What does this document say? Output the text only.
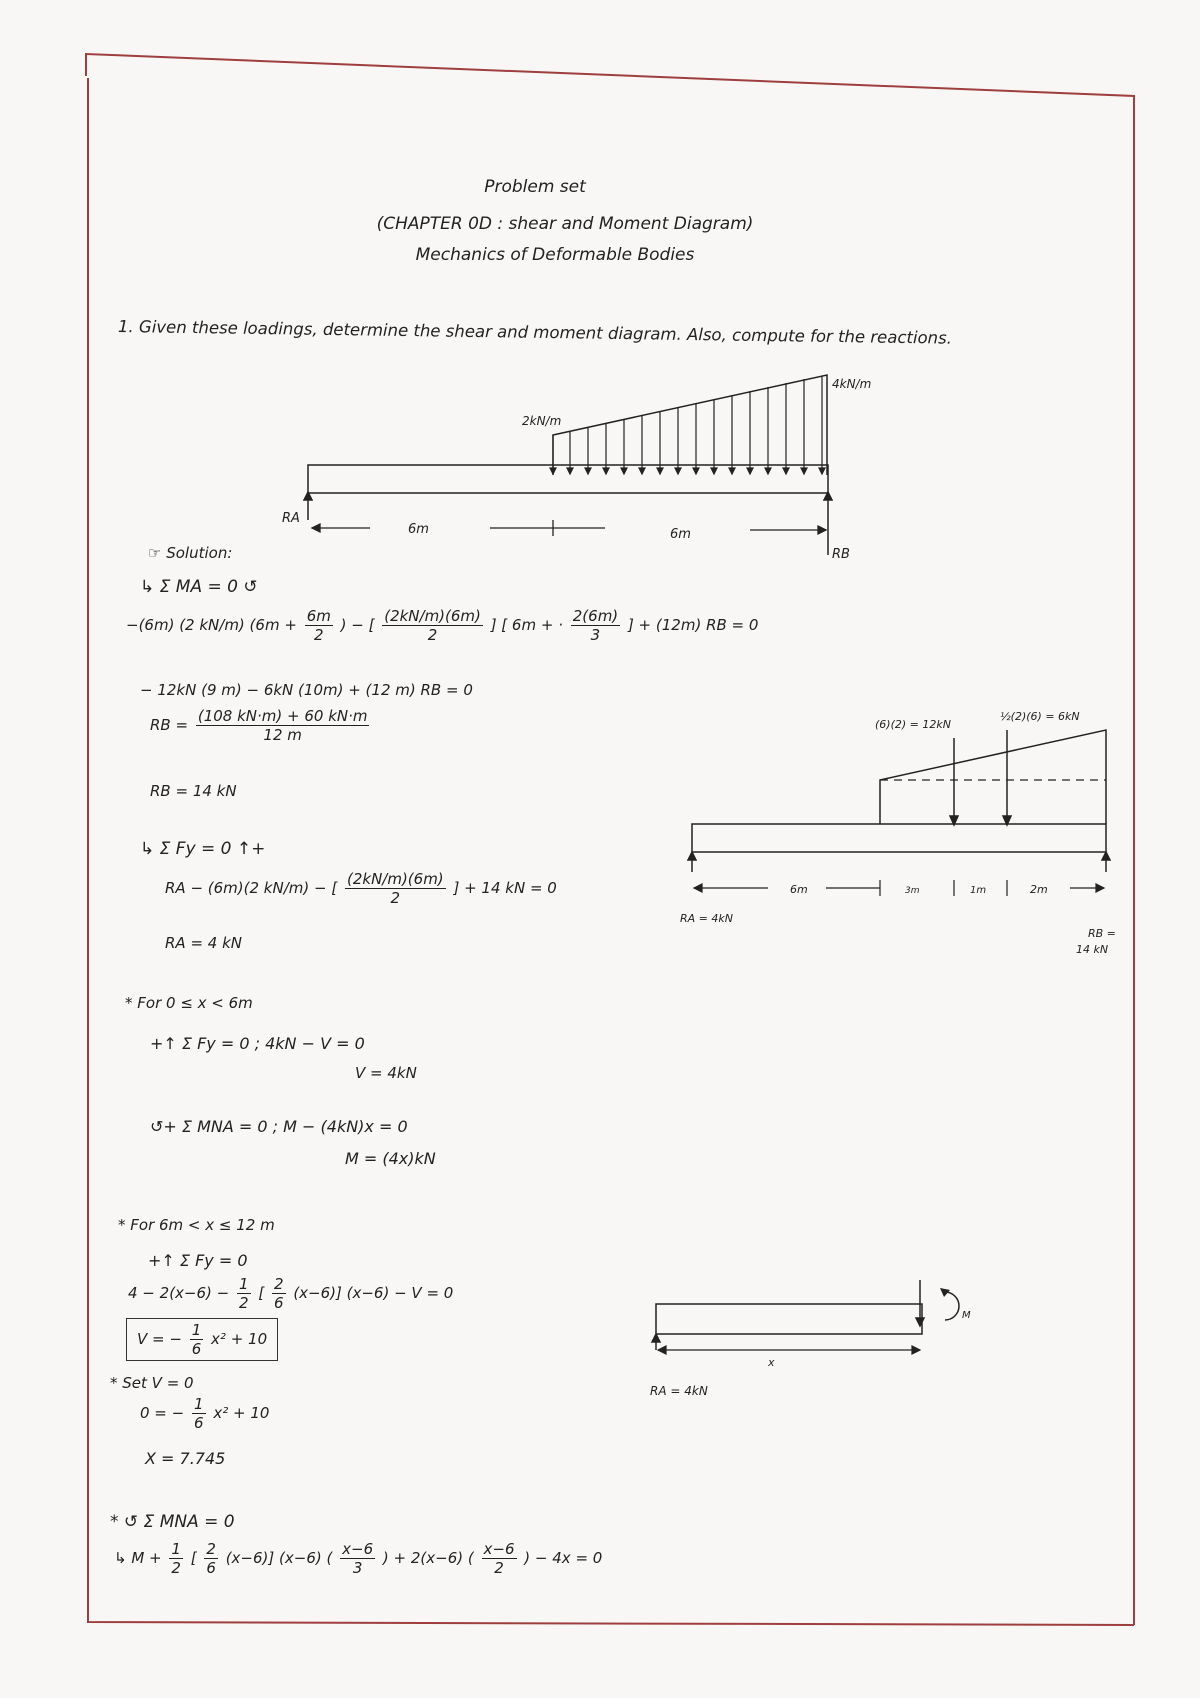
Problem set
(CHAPTER 0D : shear and Moment Diagram)
Mechanics of Deformable Bodies
1. Given these loadings, determine the shear and moment diagram. Also, compute for the reactions.
2kN/m
4kN/m
RA
RB
6m	6m
☞ Solution:
↳ Σ MA = 0 ↺
−(6m) (2 kN/m) ($6m + \frac{6m}{2}$ ) − [ $\frac{(2kN/m)(6m)}{2}$ ] [ 6m + · $\frac{2(6m)}{3}$ ] + (12m) RB = 0
− 12kN (9 m) − 6kN (10m) + (12 m) RB = 0
RB = $\frac{(108 kN\cdot m) + 60 kN\cdot m}{12 m}$
RB = 14 kN
↳ Σ Fy = 0 ↑+
RA − (6m)(2 kN/m) − [ $\frac{(2kN/m)(6m)}{2}$ ] + 14 kN = 0
RA = 4 kN
* For 0 ≤ x < 6m
+↑ Σ Fy = 0 ; 4kN − V = 0
V = 4kN
↺+ Σ MNA = 0 ; M − (4kN)x = 0
M = (4x)kN
* For 6m < x ≤ 12 m
+↑ Σ Fy = 0
$4 - 2(x-6) - \frac{1}{2}$ [ $\frac{2}{6} (x-6)$] (x−6) − V = 0
V = − $\frac{1}{6} x^2 + 10$
* Set V = 0
0 = − $\frac{1}{6} x^2 + 10$
X = 7.745
* ↺ Σ MNA = 0
↳ $M + \frac{1}{2}$ [ $\frac{2}{6} (x-6)$] (x−6) ( $\frac{x-6}{3}$ ) + 2(x−6) ( $\frac{x-6}{2}$ ) − 4x = 0
(6)(2) = 12kN
½(2)(6) = 6kN
6m	3m	1m	2m
RA = 4kN
RB =
14 kN
x
M
RA = 4kN
